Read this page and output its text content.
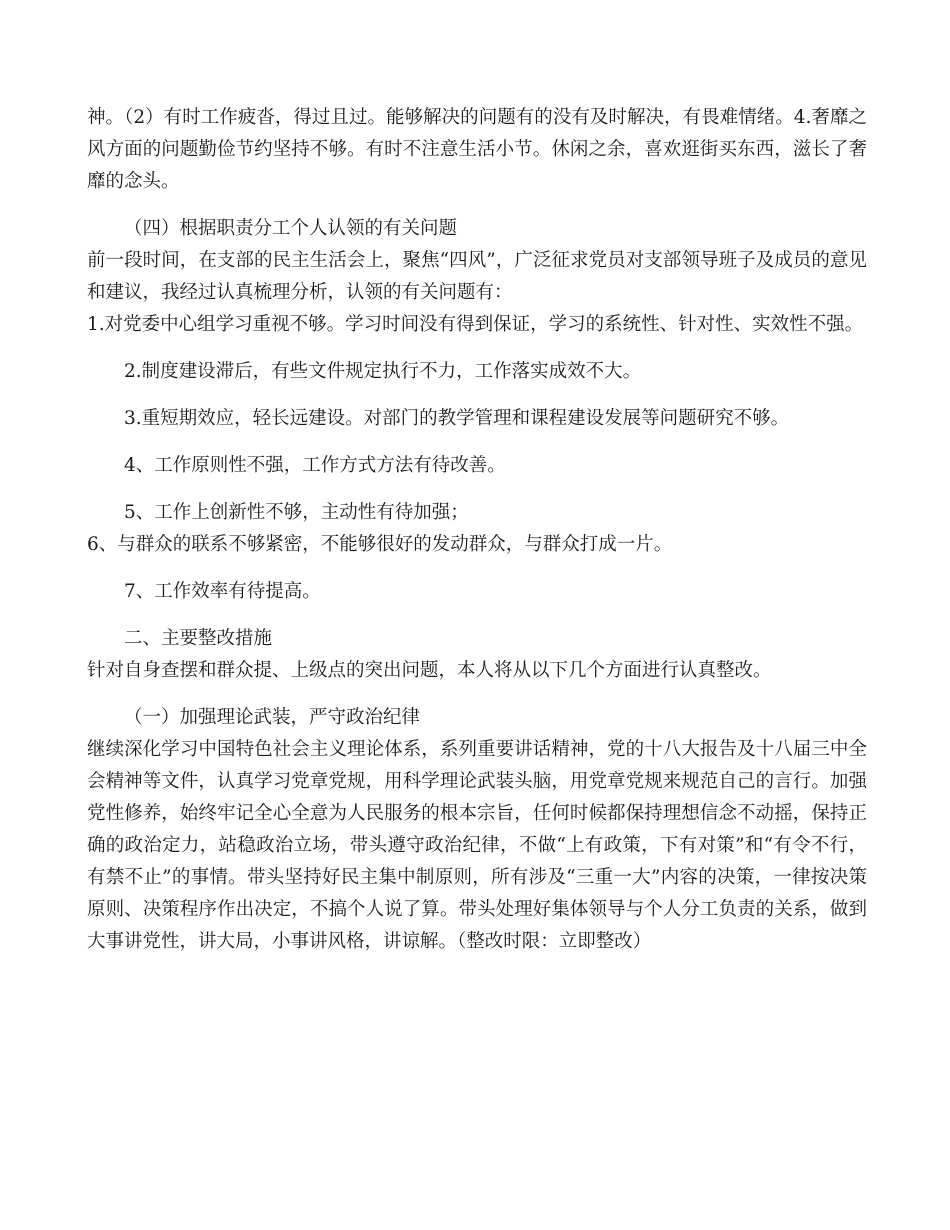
神。（2）有时工作疲沓，得过且过。能够解决的问题有的没有及时解决，有畏难情绪。4.奢靡之风方面的问题勤俭节约坚持不够。有时不注意生活小节。休闲之余，喜欢逛街买东西，滋长了奢靡的念头。

（四）根据职责分工个人认领的有关问题

前一段时间，在支部的民主生活会上，聚焦“四风”，广泛征求党员对支部领导班子及成员的意见和建议，我经过认真梳理分析，认领的有关问题有：

1.对党委中心组学习重视不够。学习时间没有得到保证，学习的系统性、针对性、实效性不强。

2.制度建设滞后，有些文件规定执行不力，工作落实成效不大。

3.重短期效应，轻长远建设。对部门的教学管理和课程建设发展等问题研究不够。

4、工作原则性不强，工作方式方法有待改善。

5、工作上创新性不够，主动性有待加强；

6、与群众的联系不够紧密，不能够很好的发动群众，与群众打成一片。

7、工作效率有待提高。

二、主要整改措施

针对自身查摆和群众提、上级点的突出问题，本人将从以下几个方面进行认真整改。

（一）加强理论武装，严守政治纪律

继续深化学习中国特色社会主义理论体系，系列重要讲话精神，党的十八大报告及十八届三中全会精神等文件，认真学习党章党规，用科学理论武装头脑，用党章党规来规范自己的言行。加强党性修养，始终牢记全心全意为人民服务的根本宗旨，任何时候都保持理想信念不动摇，保持正确的政治定力，站稳政治立场，带头遵守政治纪律，不做“上有政策，下有对策”和“有令不行，有禁不止”的事情。带头坚持好民主集中制原则，所有涉及“三重一大”内容的决策，一律按决策原则、决策程序作出决定，不搞个人说了算。带头处理好集体领导与个人分工负责的关系，做到大事讲党性，讲大局，小事讲风格，讲谅解。（整改时限：立即整改）
